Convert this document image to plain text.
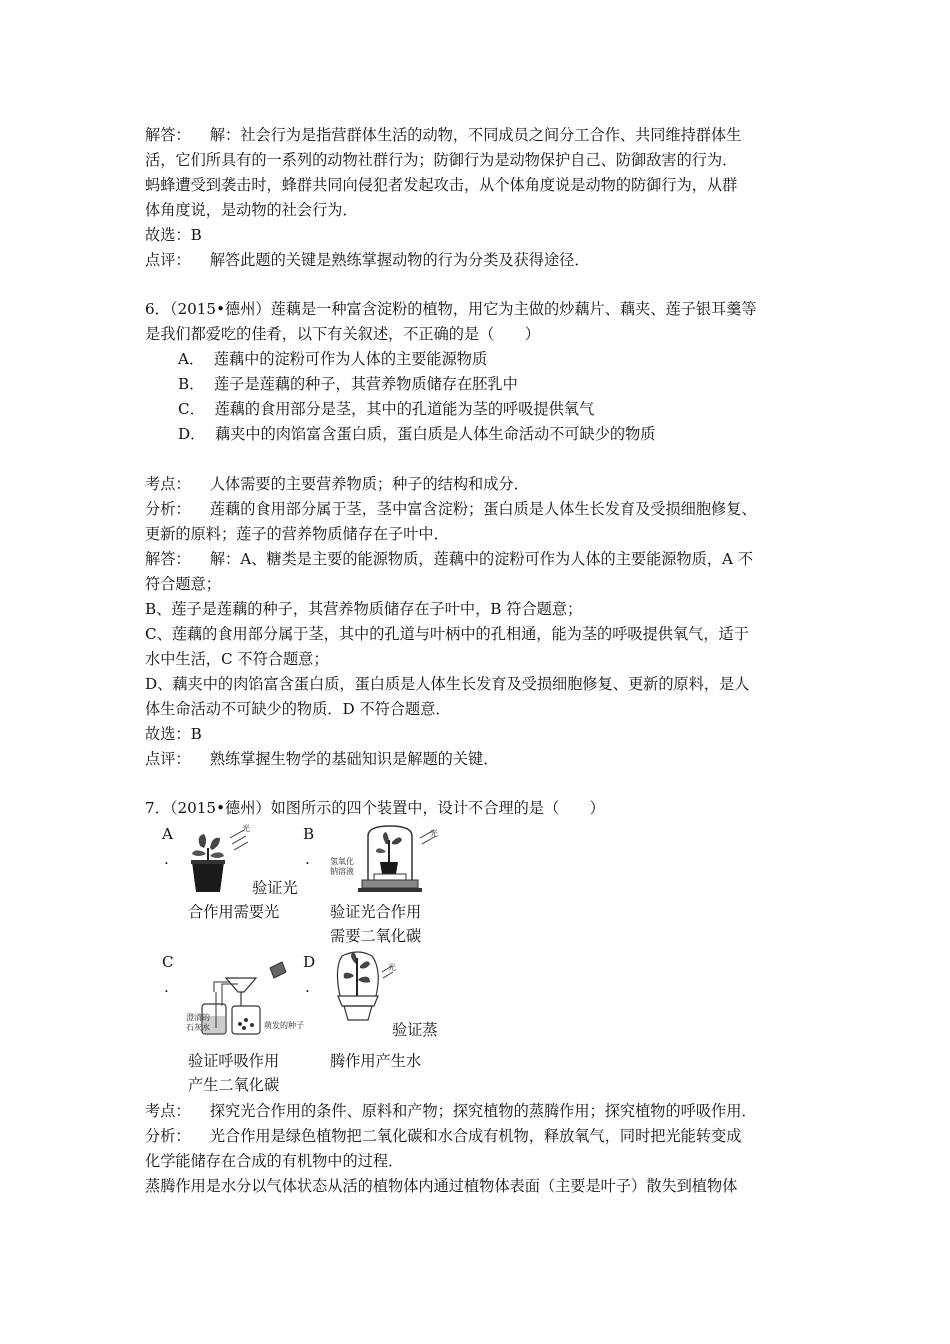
解答：    解：社会行为是指营群体生活的动物，不同成员之间分工合作、共同维持群体生
活，它们所具有的一系列的动物社群行为；防御行为是动物保护自己、防御敌害的行为．
蚂蜂遭受到袭击时，蜂群共同向侵犯者发起攻击，从个体角度说是动物的防御行为，从群
体角度说，是动物的社会行为．
故选：B
点评：    解答此题的关键是熟练掌握动物的行为分类及获得途径．
6．（2015•德州）莲藕是一种富含淀粉的植物，用它为主做的炒藕片、藕夹、莲子银耳羹等
是我们都爱吃的佳肴，以下有关叙述，不正确的是（　　）
A．  莲藕中的淀粉可作为人体的主要能源物质
B．  莲子是莲藕的种子，其营养物质储存在胚乳中
C．  莲藕的食用部分是茎，其中的孔道能为茎的呼吸提供氧气
D．  藕夹中的肉馅富含蛋白质，蛋白质是人体生命活动不可缺少的物质
考点：    人体需要的主要营养物质；种子的结构和成分．
分析：    莲藕的食用部分属于茎，茎中富含淀粉；蛋白质是人体生长发育及受损细胞修复、
更新的原料；莲子的营养物质储存在子叶中．
解答：    解：A、糖类是主要的能源物质，莲藕中的淀粉可作为人体的主要能源物质，A 不
符合题意；
B、莲子是莲藕的种子，其营养物质储存在子叶中，B 符合题意；
C、莲藕的食用部分属于茎，其中的孔道与叶柄中的孔相通，能为茎的呼吸提供氧气，适于
水中生活，C 不符合题意；
D、藕夹中的肉馅富含蛋白质，蛋白质是人体生长发育及受损细胞修复、更新的原料，是人
体生命活动不可缺少的物质．D 不符合题意．
故选：B
点评：    熟练掌握生物学的基础知识是解题的关键．
7．（2015•德州）如图所示的四个装置中，设计不合理的是（　　）
A
.
光
验证光
合作用需要光
B
.
光
氢氧化
钠溶液
验证光合作用
需要二氧化碳
C
.
澄清的
石灰水	萌发的种子
验证呼吸作用
产生二氧化碳
D
.
光
验证蒸
腾作用产生水
考点：    探究光合作用的条件、原料和产物；探究植物的蒸腾作用；探究植物的呼吸作用．
分析：    光合作用是绿色植物把二氧化碳和水合成有机物，释放氧气，同时把光能转变成
化学能储存在合成的有机物中的过程．
蒸腾作用是水分以气体状态从活的植物体内通过植物体表面（主要是叶子）散失到植物体
